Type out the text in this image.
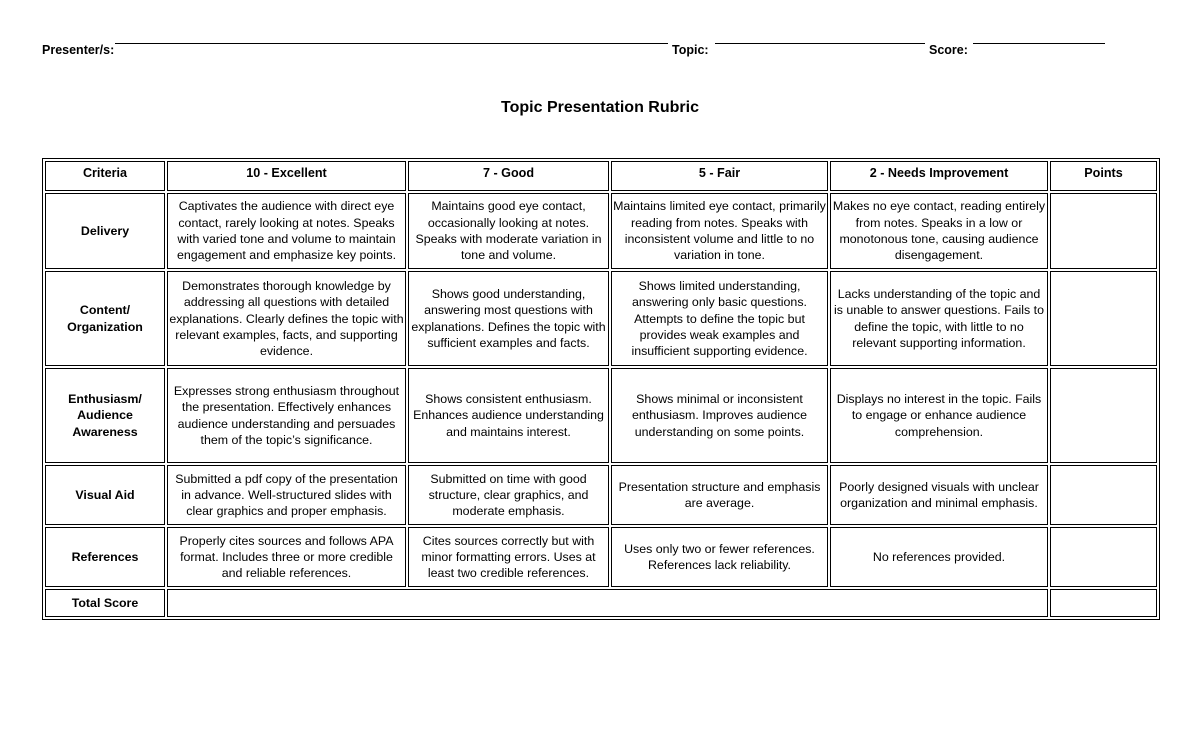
Presenter/s:	Topic:	Score:
Topic Presentation Rubric
Criteria	10 - Excellent	7 - Good	5 - Fair	2 - Needs Improvement	Points
Delivery	Captivates the audience with direct eye contact, rarely looking at notes. Speaks with varied tone and volume to maintain engagement and emphasize key points.	Maintains good eye contact, occasionally looking at notes. Speaks with moderate variation in tone and volume.	Maintains limited eye contact, primarily reading from notes. Speaks with inconsistent volume and little to no variation in tone.	Makes no eye contact, reading entirely from notes. Speaks in a low or monotonous tone, causing audience disengagement.	
Content/ Organization	Demonstrates thorough knowledge by addressing all questions with detailed explanations. Clearly defines the topic with relevant examples, facts, and supporting evidence.	Shows good understanding, answering most questions with explanations. Defines the topic with sufficient examples and facts.	Shows limited understanding, answering only basic questions. Attempts to define the topic but provides weak examples and insufficient supporting evidence.	Lacks understanding of the topic and is unable to answer questions. Fails to define the topic, with little to no relevant supporting information.	
Enthusiasm/ Audience Awareness	Expresses strong enthusiasm throughout the presentation. Effectively enhances audience understanding and persuades them of the topic’s significance.	Shows consistent enthusiasm. Enhances audience understanding and maintains interest.	Shows minimal or inconsistent enthusiasm. Improves audience understanding on some points.	Displays no interest in the topic. Fails to engage or enhance audience comprehension.	
Visual Aid	Submitted a pdf copy of the presentation in advance. Well-structured slides with clear graphics and proper emphasis.	Submitted on time with good structure, clear graphics, and moderate emphasis.	Presentation structure and emphasis are average.	Poorly designed visuals with unclear organization and minimal emphasis.	
References	Properly cites sources and follows APA format. Includes three or more credible and reliable references.	Cites sources correctly but with minor formatting errors. Uses at least two credible references.	Uses only two or fewer references. References lack reliability.	No references provided.	
Total Score					
